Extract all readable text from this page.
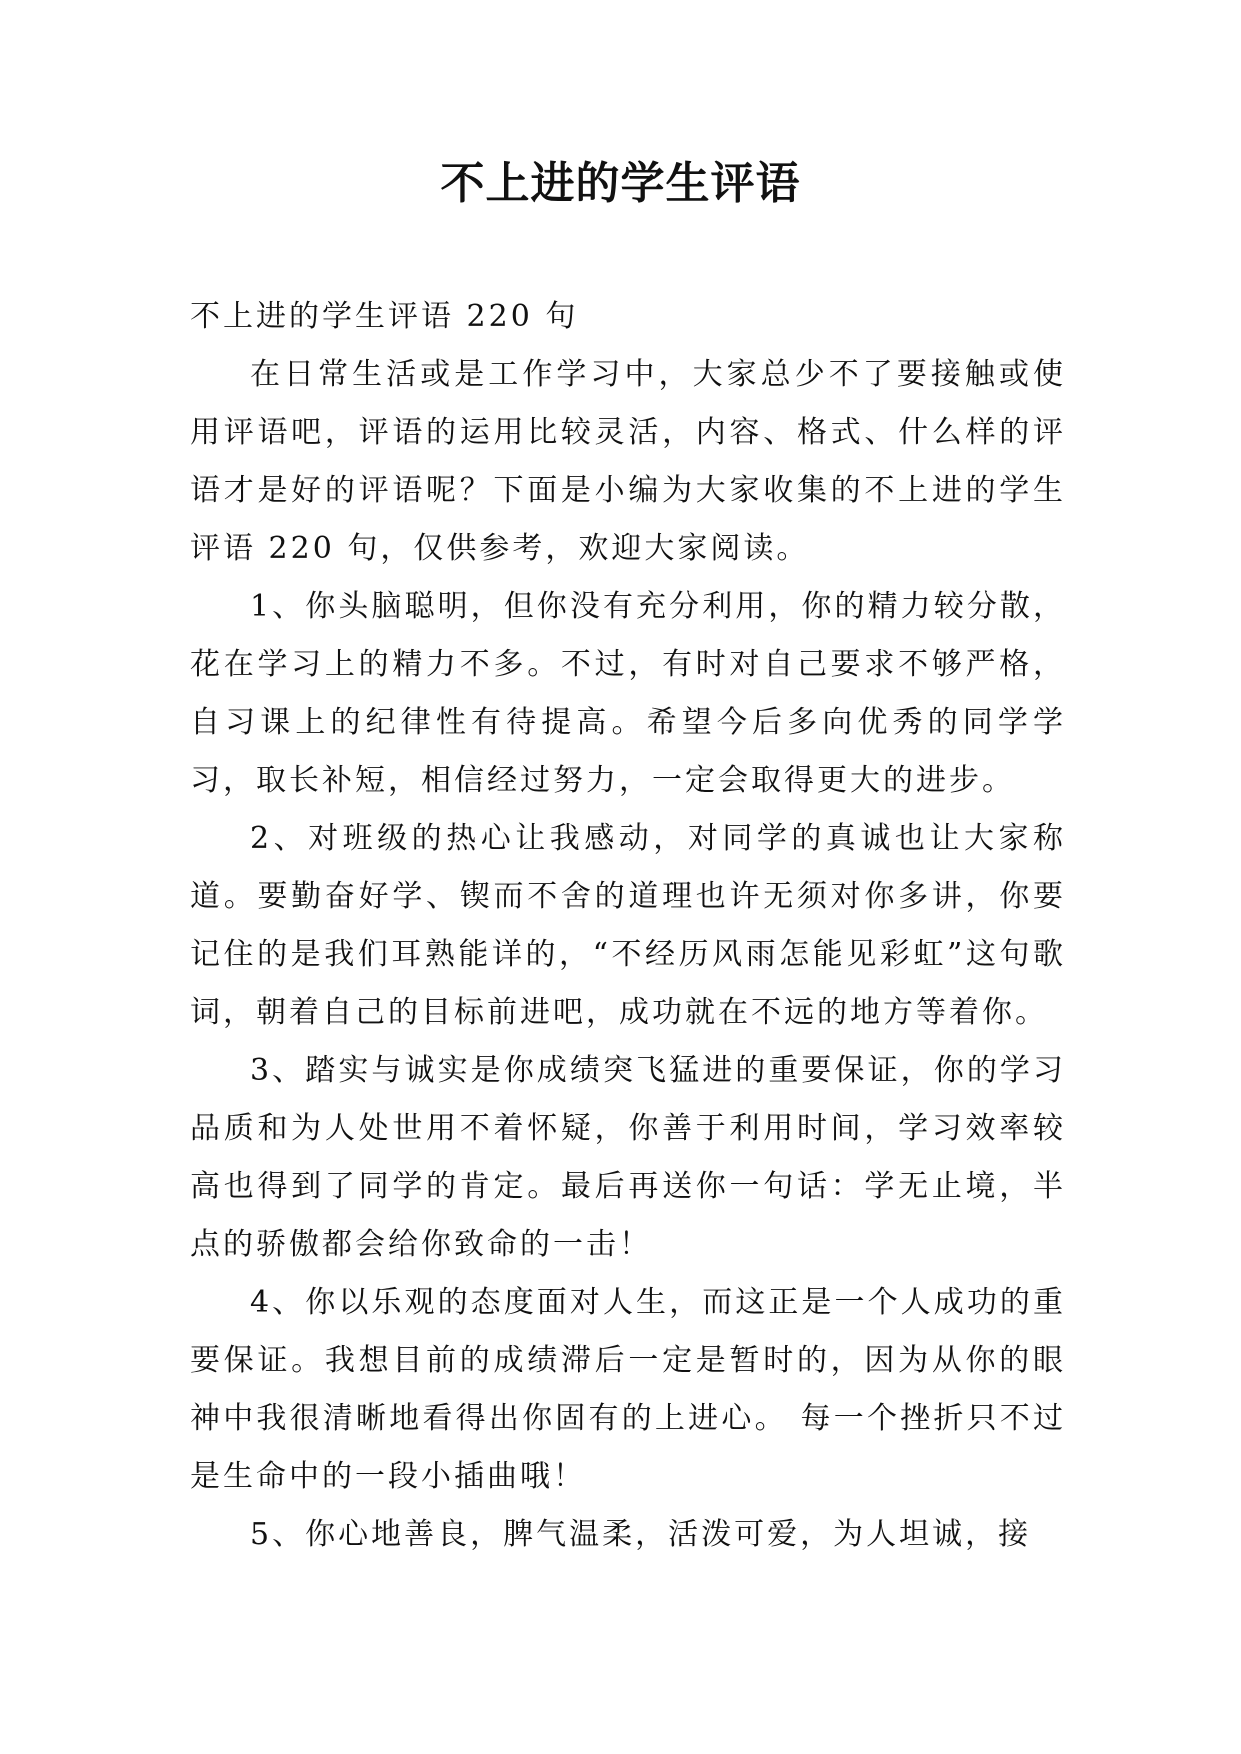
不上进的学生评语

不上进的学生评语 220 句

在日常生活或是工作学习中，大家总少不了要接触或使用评语吧，评语的运用比较灵活，内容、格式、什么样的评语才是好的评语呢？下面是小编为大家收集的不上进的学生评语 220 句，仅供参考，欢迎大家阅读。

1、你头脑聪明，但你没有充分利用，你的精力较分散，花在学习上的精力不多。不过，有时对自己要求不够严格，自习课上的纪律性有待提高。希望今后多向优秀的同学学习，取长补短，相信经过努力，一定会取得更大的进步。

2、对班级的热心让我感动，对同学的真诚也让大家称道。要勤奋好学、锲而不舍的道理也许无须对你多讲，你要记住的是我们耳熟能详的，“不经历风雨怎能见彩虹”这句歌词，朝着自己的目标前进吧，成功就在不远的地方等着你。

3、踏实与诚实是你成绩突飞猛进的重要保证，你的学习品质和为人处世用不着怀疑，你善于利用时间，学习效率较高也得到了同学的肯定。最后再送你一句话：学无止境，半点的骄傲都会给你致命的一击！

4、你以乐观的态度面对人生，而这正是一个人成功的重要保证。我想目前的成绩滞后一定是暂时的，因为从你的眼神中我很清晰地看得出你固有的上进心。 每一个挫折只不过是生命中的一段小插曲哦！

5、你心地善良，脾气温柔，活泼可爱，为人坦诚，接
